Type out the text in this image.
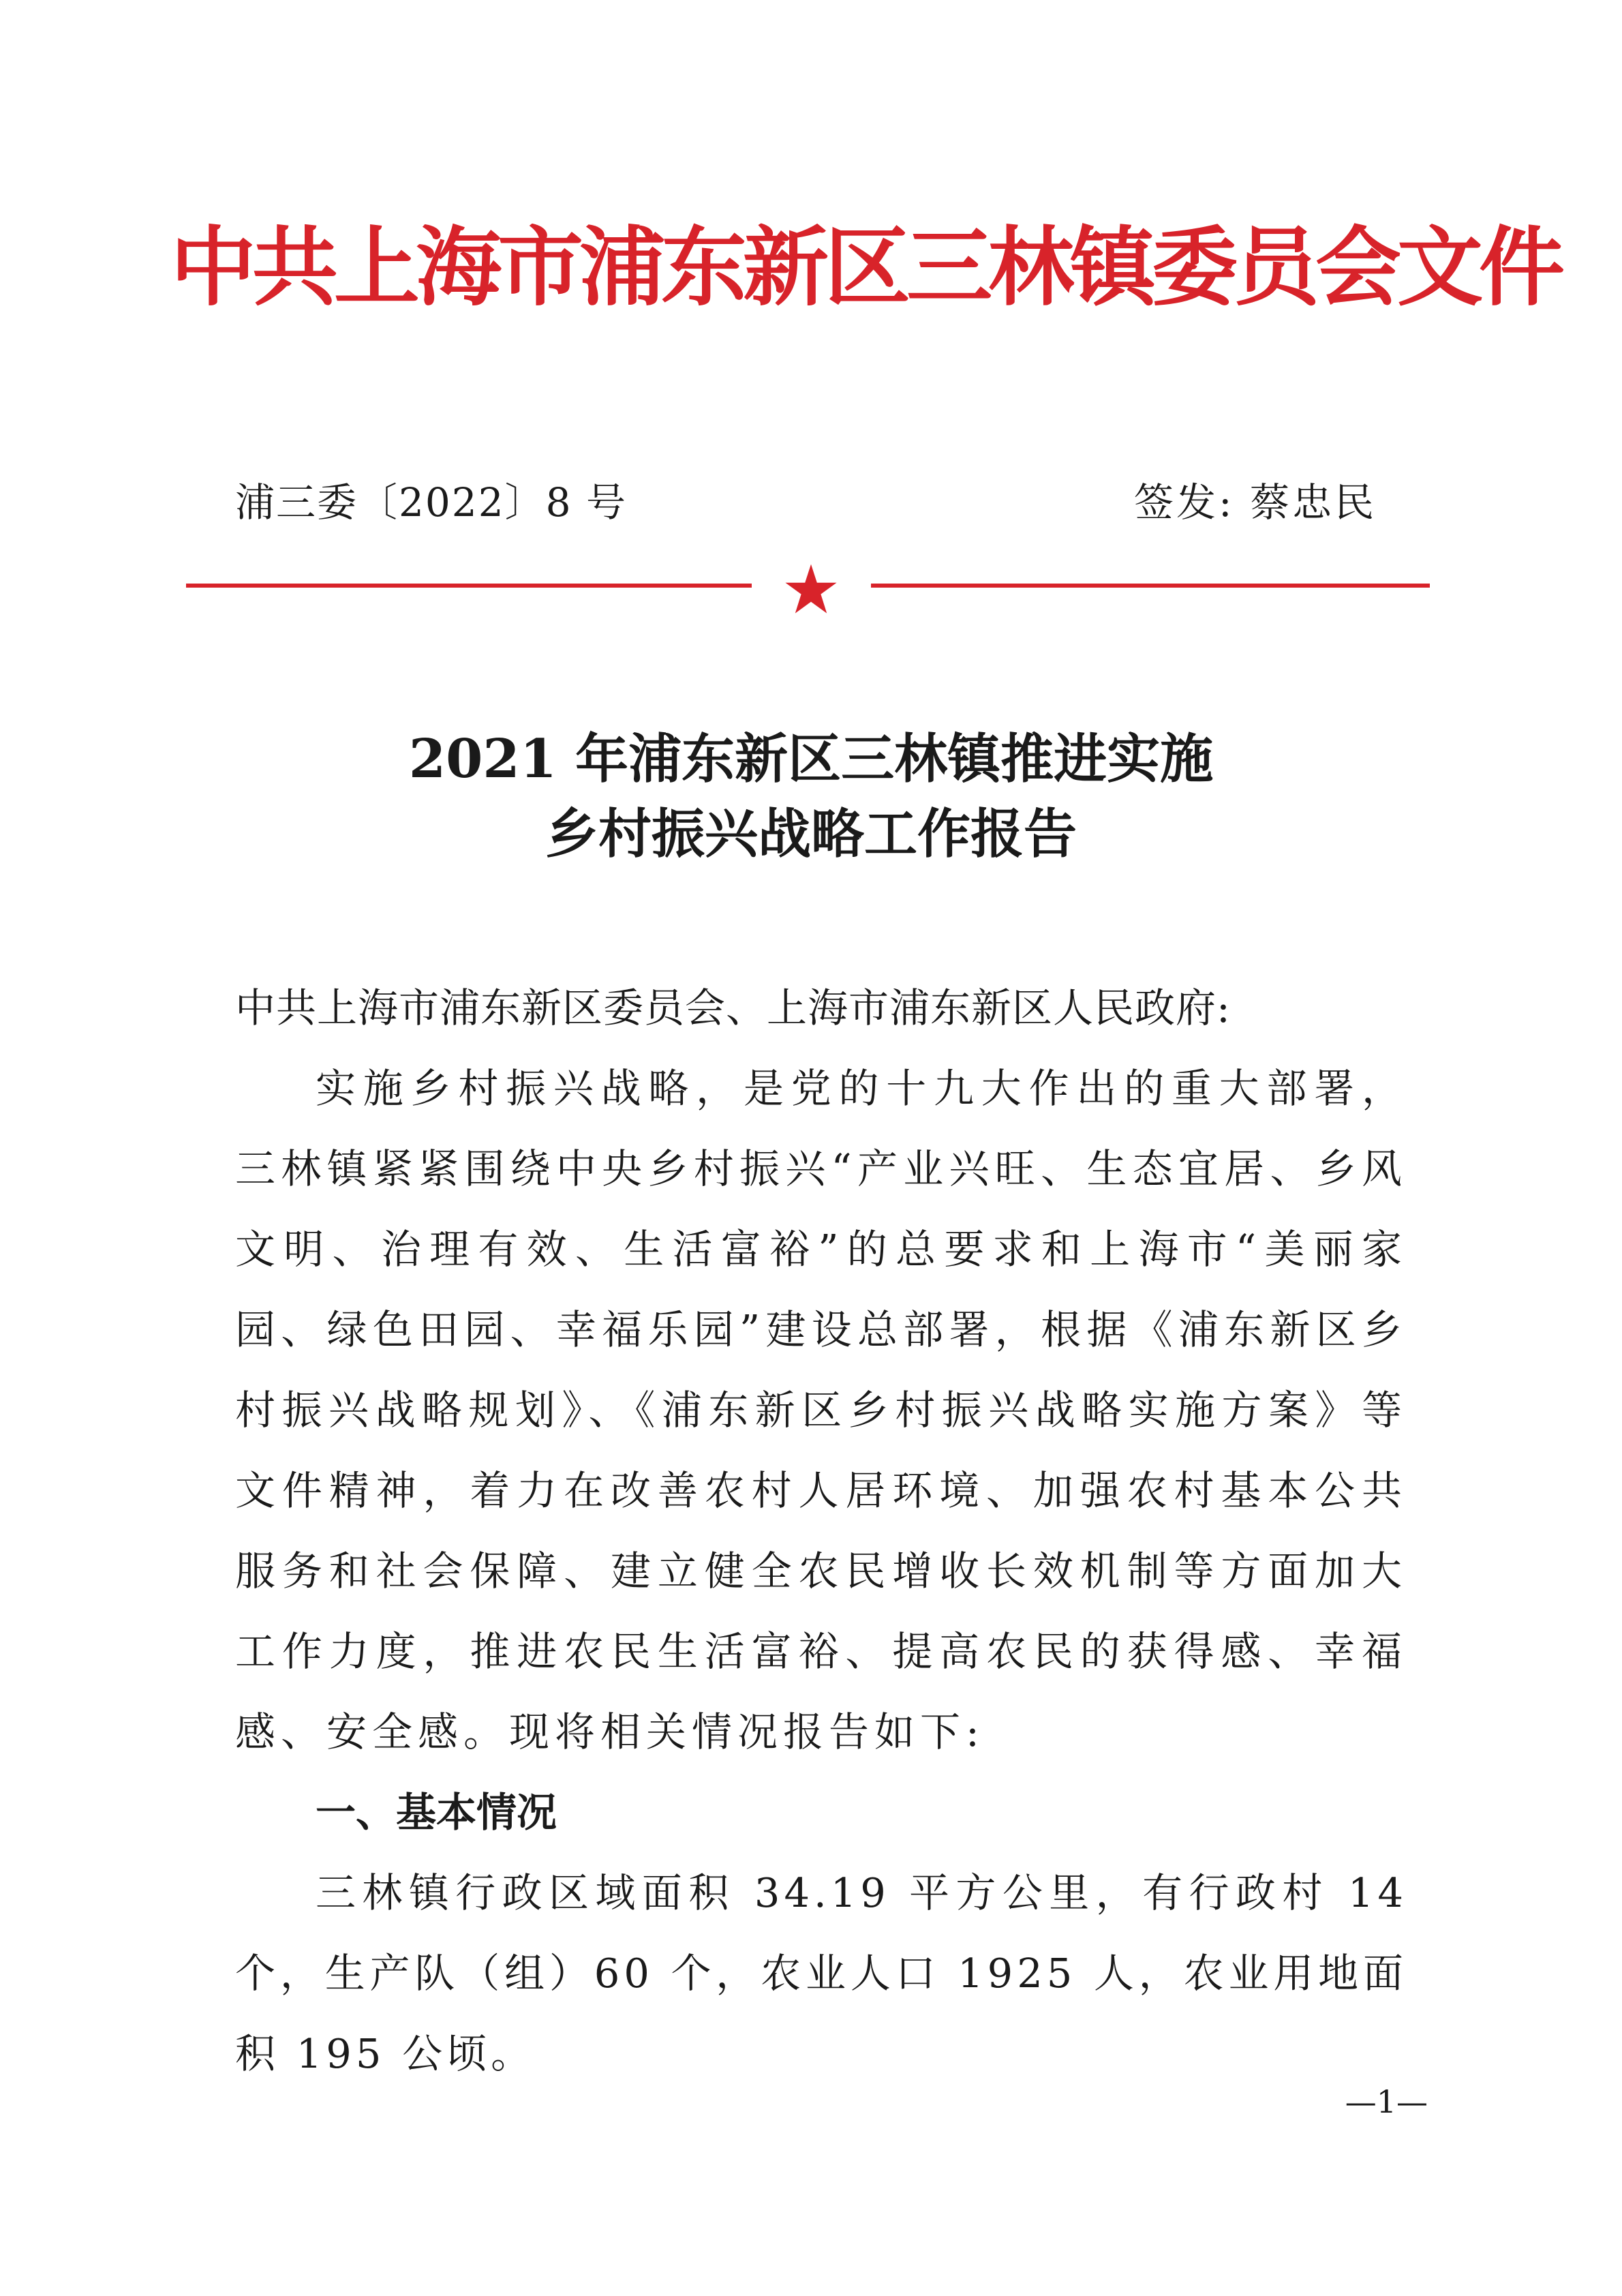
中共上海市浦东新区三林镇委员会文件
浦三委〔2022〕8 号	签发: 蔡忠民
2021 年浦东新区三林镇推进实施
乡村振兴战略工作报告
中共上海市浦东新区委员会、上海市浦东新区人民政府:
实施乡村振兴战略，是党的十九大作出的重大部署，三林镇紧紧围绕中央乡村振兴“产业兴旺、生态宜居、乡风文明、治理有效、生活富裕”的总要求和上海市“美丽家园、绿色田园、幸福乐园”建设总部署，根据《浦东新区乡村振兴战略规划》、《浦东新区乡村振兴战略实施方案》等文件精神，着力在改善农村人居环境、加强农村基本公共服务和社会保障、建立健全农民增收长效机制等方面加大工作力度，推进农民生活富裕、提高农民的获得感、幸福感、安全感。现将相关情况报告如下:
一、基本情况
三林镇行政区域面积 34.19 平方公里，有行政村 14 个，生产队（组）60 个，农业人口 1925 人，农业用地面积 195 公顷。
—1—
